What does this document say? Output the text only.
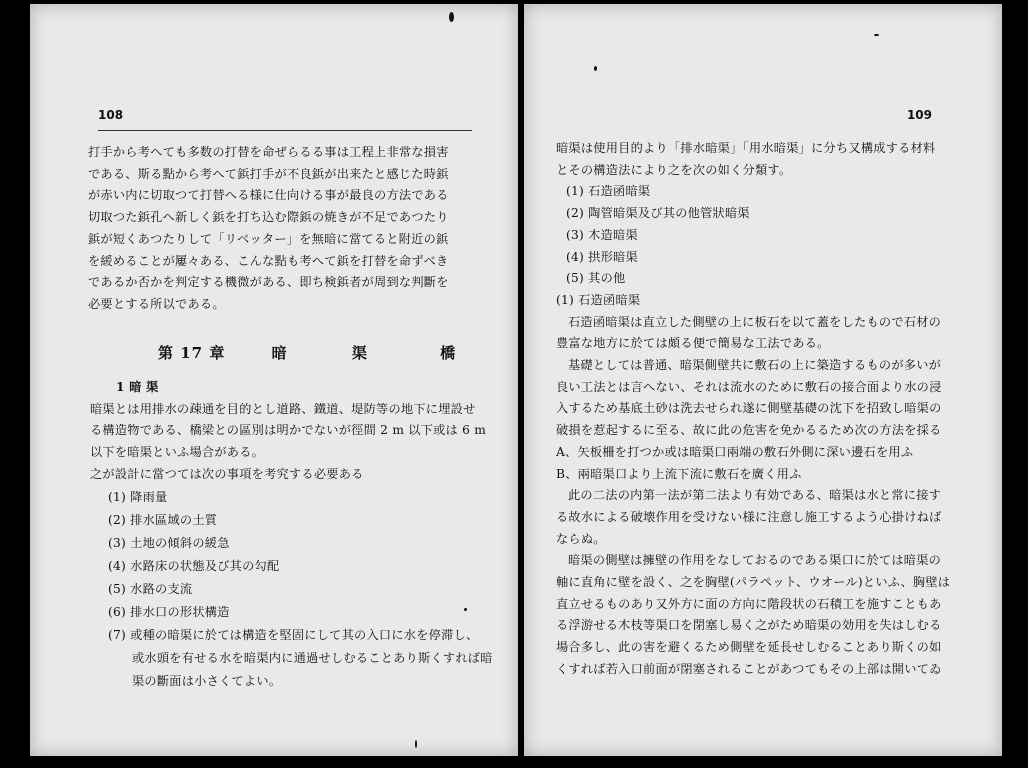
108

打手から考へても多数の打替を命ぜらるる事は工程上非常な損害

である、斯る點から考へて鋲打手が不良鋲が出来たと感じた時鋲

が赤い内に切取つて打替へる様に仕向ける事が最良の方法である

切取つた鋲孔へ新しく鋲を打ち込む際鋲の焼きが不足であつたり

鋲が短くあつたりして「リベッター」を無暗に當てると附近の鋲

を緩めることが屢々ある、こんな點も考へて鋲を打替を命ずべき

であるか否かを判定する機微がある、即ち検鋲者が周到な判斷を

必要とする所以である。

第 17 章	暗	渠	橋

1 暗 渠

暗渠とは用排水の疎通を目的とし道路、鐵道、堤防等の地下に埋設せ

る構造物である、橋梁との區別は明かでないが徑間 2 m 以下或は 6 m

以下を暗渠といふ場合がある。

之が設計に當つては次の事項を考究する必要ある

(1) 降雨量

(2) 排水區域の土質

(3) 土地の傾斜の緩急

(4) 水路床の状態及び其の勾配

(5) 水路の支流

(6) 排水口の形状構造

(7) 或種の暗渠に於ては構造を堅固にして其の入口に水を停滞し、

或水頭を有せる水を暗渠内に通過せしむることあり斯くすれば暗

渠の斷面は小さくてよい。

109

暗渠は使用目的より「排水暗渠」「用水暗渠」に分ち又構成する材料

とその構造法により之を次の如く分類す。

(1) 石造函暗渠

(2) 陶管暗渠及び其の他管狀暗渠

(3) 木造暗渠

(4) 拱形暗渠

(5) 其の他

(1) 石造函暗渠

石造函暗渠は直立した側壁の上に板石を以て蓋をしたもので石材の

豊富な地方に於ては頗る便で簡易な工法である。

基礎としては普通、暗渠側壁共に敷石の上に築造するものが多いが

良い工法とは言へない、それは流水のために敷石の接合面より水の浸

入するため基底土砂は洗去せられ遂に側壁基礎の沈下を招致し暗渠の

破損を惹起するに至る、故に此の危害を免かるるため次の方法を採る

A、矢板柵を打つか或は暗渠口兩端の敷石外側に深い邊石を用ふ

B、兩暗渠口より上流下流に敷石を廣く用ふ

此の二法の内第一法が第二法より有効である、暗渠は水と常に接す

る故水による破壊作用を受けない様に注意し施工するよう心掛けねば

ならぬ。

暗渠の側壁は擁壁の作用をなしておるのである渠口に於ては暗渠の

軸に直角に壁を設く、之を胸壁(パラペット、ウオール)といふ、胸壁は

直立せるものあり又外方に面の方向に階段状の石積工を施すこともあ

る浮游せる木枝等渠口を閉塞し易く之がため暗渠の効用を失はしむる

場合多し、此の害を避くるため側壁を延長せしむることあり斯くの如

くすれば若入口前面が閉塞されることがあつてもその上部は開いてゐ
